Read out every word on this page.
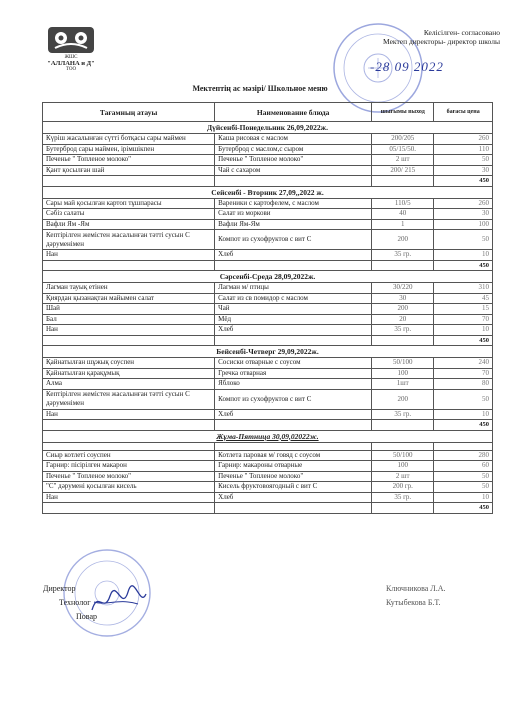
ЖШС
"АЛЛАНА и Д"
ТОО
Келісілген- согласовано
Мектеп директоры- директор школы
-28 09 2022
Мектептің ас мәзірі/ Школьное меню
Тағамның атауы	Наименование блюда	шығымы выход	бағасы цена
Дүйсенбі-Понедельник 26,09,2022ж.			
Күріш жасалынған сүтті ботқасы сары маймен	Каша рисовая с маслом	200/205	260
Бутерброд сары маймен, ірімшікпен	Бутерброд с маслом,с сыром	05/15/50.	110
Печенье " Топленое молоко"	Печенье " Топленое молоко"	2 шт	50
Қант қосылған шай	Чай с сахаром	200/ 215	30
			450
Сейсенбі - Вторник 27,09,,2022 ж.			
Сары май қосылған картоп тұшпарасы	Вареники с картофелем, с маслом	110/5	260
Сәбіз салаты	Салат из моркови	40	30
Вафли Ям -Ям	Вафли Ям-Ям	1	100
Кептірілген жемістен жасалынған тәтті сусын С дәруменімен	Компот из сухофруктов с вит С	200	50
Нан	Хлеб	35 гр.	10
			450
Сәрсенбі-Среда 28,09,2022ж.			
Лагман тауық етінен	Лагман м/ птицы	30/220	310
Қиярдан қызанақтан майымен салат	Салат из св помидор с маслом	30	45
Шай	Чай	200	15
Бал	Мёд	20	70
Нан	Хлеб	35 гр.	10
			450
Бейсенбі-Четверг 29,09,2022ж.			
Қайнатылған шұжық соуспен	Сосиски отварные с соусом	50/100	240
Қайнатылған қарақұмық	Гречка отварная	100	70
Алма	Яблоко	1шт	80
Кептірілген жемістен жасалынған тәтті сусын С дәруменімен	Компот из сухофруктов с вит С	200	50
Нан	Хлеб	35 гр.	10
			450
Жұма-Пятница 30,09,02022ж.			

Сиыр котлеті соуспен	Котлета паровая м/ говяд с соусом	50/100	280
Гарнир: пісірілген макарон	Гарнир: макароны отварные	100	60
Печенье " Топленое молоко"	Печенье " Топленое молоко"	2 шт	50
"С" дәруменi қосылған кисель	Кисель фруктовоягодный с вит С	200 гр.	50
Нан	Хлеб	35 гр.	10
			450
Директор
Технолог
Повар
Ключникова Л.А.
Кутыбекова Б.Т.
